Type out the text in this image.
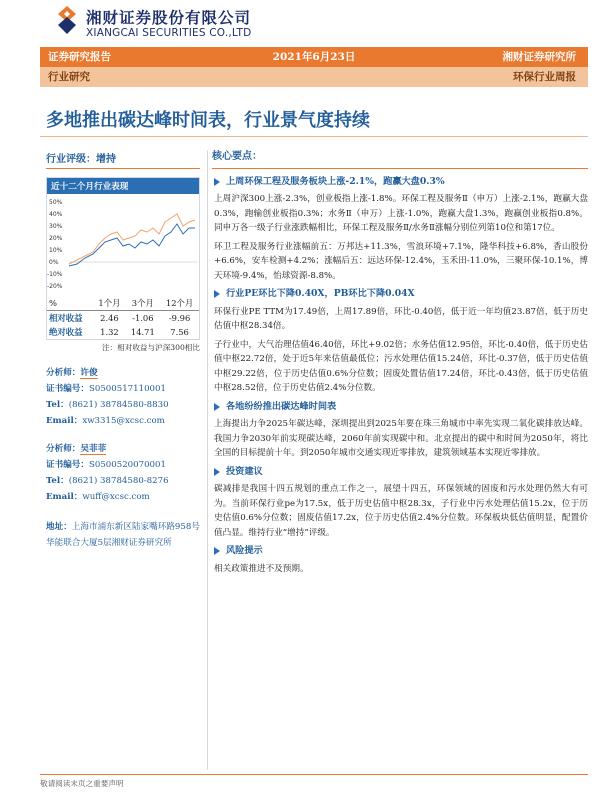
湘财证券股份有限公司
XIANGCAI SECURITIES CO.,LTD
证券研究报告	2021年6月23日	湘财证券研究所
行业研究	环保行业周报
多地推出碳达峰时间表，行业景气度持续
行业评级：增持
近十二个月行业表现
50%
40%
30%
20%
10%
0%
-10%
-20%
%	1个月	3个月	12个月
相对收益	2.46	-1.06	-9.96
绝对收益	1.32	14.71	7.56
注：相对收益与沪深300相比
分析师：许俊
证书编号：S0500517110001
Tel：(8621) 38784580-8830
Email：xw3315@xcsc.com
分析师：吴菲菲
证书编号：S0500520070001
Tel：(8621) 38784580-8276
Email：wuff@xcsc.com
地址：上海市浦东新区陆家嘴环路958号华能联合大厦5层湘财证券研究所
核心要点：
上周环保工程及服务板块上涨-2.1%，跑赢大盘0.3%
上周沪深300上涨-2.3%，创业板指上涨-1.8%。环保工程及服务Ⅱ（申万）上涨-2.1%，跑赢大盘0.3%，跑输创业板指0.3%；水务Ⅱ（申万）上涨-1.0%，跑赢大盘1.3%，跑赢创业板指0.8%。同申万各一级子行业涨跌幅相比，环保工程及服务Ⅱ/水务Ⅱ涨幅分别位列第10位和第17位。
环卫工程及服务行业涨幅前五：万邦达+11.3%，雪浪环境+7.1%，隆华科技+6.8%，香山股份+6.6%，安车检测+4.2%；涨幅后五：远达环保-12.4%，玉禾田-11.0%，三聚环保-10.1%，博天环境-9.4%，怡球资源-8.8%。
行业PE环比下降0.40X，PB环比下降0.04X
环保行业PE TTM为17.49倍，上周17.89倍，环比-0.40倍，低于近一年均值23.87倍，低于历史估值中枢28.34倍。
子行业中，大气治理估值46.40倍，环比+9.02倍；水务估值12.95倍，环比-0.40倍，低于历史估值中枢22.72倍，处于近5年来估值最低位；污水处理估值15.24倍，环比-0.37倍，低于历史估值中枢29.22倍，位于历史估值0.6%分位数；固废处置估值17.24倍，环比-0.43倍，低于历史估值中枢28.52倍，位于历史估值2.4%分位数。
各地纷纷推出碳达峰时间表
上海提出力争2025年碳达峰，深圳提出到2025年要在珠三角城市中率先实现二氧化碳排放达峰。我国力争2030年前实现碳达峰，2060年前实现碳中和。北京提出的碳中和时间为2050年，将比全国的目标提前十年。到2050年城市交通实现近零排放，建筑领域基本实现近零排放。
投资建议
碳减排是我国十四五规划的重点工作之一，展望十四五，环保领域的固废和污水处理仍然大有可为。当前环保行业pe为17.5x，低于历史估值中枢28.3x，子行业中污水处理估值15.2x，位于历史估值0.6%分位数；固废估值17.2x，位于历史估值2.4%分位数。环保板块低估值明显，配置价值凸显。维持行业“增持”评级。
风险提示
相关政策推进不及预期。
敬请阅读末页之重要声明
